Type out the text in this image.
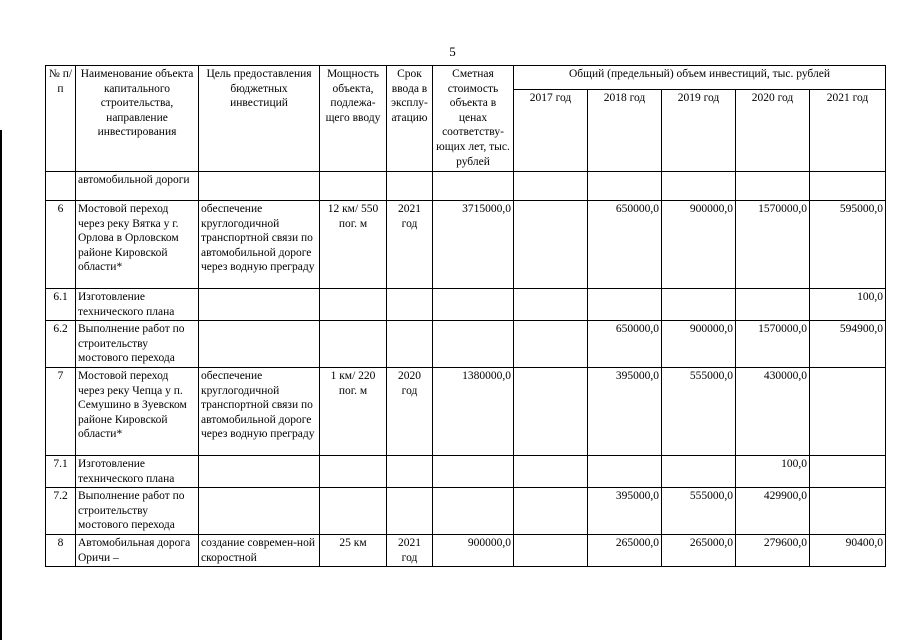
5
№ п/п	Наименование объекта капитального строительства, направление инвестирования	Цель предоставления бюджетных инвестиций	Мощность объекта, подлежа-щего вводу	Срок ввода в эксплу-атацию	Сметная стоимость объекта в ценах соответству-ющих лет, тыс. рублей	Общий (предельный) объем инвестиций, тыс. рублей				
						2017 год	2018 год	2019 год	2020 год	2021 год
	автомобильной дороги									
6	Мостовой переход через реку Вятка у г. Орлова в Орловском районе Кировской области*	обеспечение круглогодичной транспортной связи по автомобильной дороге через водную преграду	12 км/ 550 пог. м	2021 год	3715000,0		650000,0	900000,0	1570000,0	595000,0
6.1	Изготовление технического плана									100,0
6.2	Выполнение работ по строительству мостового перехода						650000,0	900000,0	1570000,0	594900,0
7	Мостовой переход через реку Чепца у п. Семушино в Зуевском районе Кировской области*	обеспечение круглогодичной транспортной связи по автомобильной дороге через водную преграду	1 км/ 220 пог. м	2020 год	1380000,0		395000,0	555000,0	430000,0	
7.1	Изготовление технического плана								100,0	
7.2	Выполнение работ по строительству мостового перехода						395000,0	555000,0	429900,0	
8	Автомобильная дорога Оричи –	создание современ-ной скоростной	25 км	2021 год	900000,0		265000,0	265000,0	279600,0	90400,0
